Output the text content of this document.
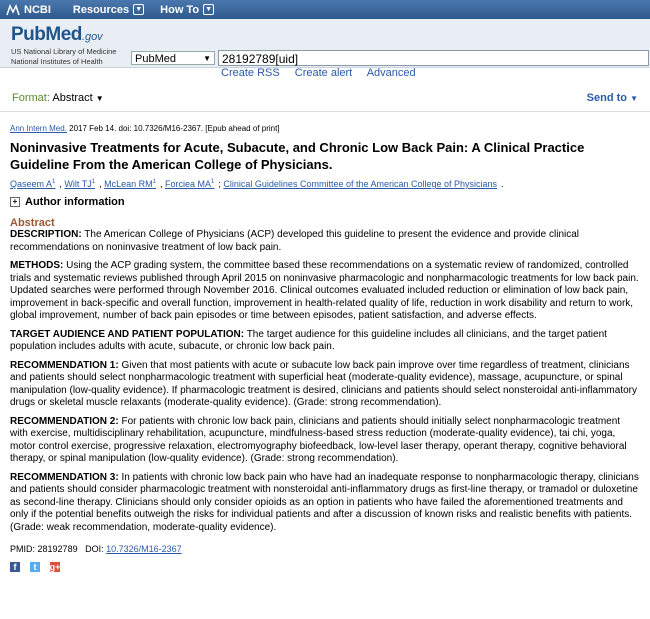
NCBI Resources ▼ How To ▼
PubMed.gov
US National Library of Medicine
National Institutes of Health	PubMed	▼ 28192789[uid]
Create RSS Create alert Advanced
Format: Abstract ▼	Send to ▼
Ann Intern Med. 2017 Feb 14. doi: 10.7326/M16-2367. [Epub ahead of print]
Noninvasive Treatments for Acute, Subacute, and Chronic Low Back Pain: A Clinical Practice Guideline From the American College of Physicians.
Qaseem $A^1$ , Wilt $TJ^1$ , McLean $RM^1$ , Forciea $MA^1$ ; Clinical Guidelines Committee of the American College of Physicians .
+ Author information
Abstract

DESCRIPTION: The American College of Physicians (ACP) developed this guideline to present the evidence and provide clinical recommendations on noninvasive treatment of low back pain.

METHODS: Using the ACP grading system, the committee based these recommendations on a systematic review of randomized, controlled trials and systematic reviews published through April 2015 on noninvasive pharmacologic and nonpharmacologic treatments for low back pain. Updated searches were performed through November 2016. Clinical outcomes evaluated included reduction or elimination of low back pain, improvement in back-specific and overall function, improvement in health-related quality of life, reduction in work disability and return to work, global improvement, number of back pain episodes or time between episodes, patient satisfaction, and adverse effects.

TARGET AUDIENCE AND PATIENT POPULATION: The target audience for this guideline includes all clinicians, and the target patient population includes adults with acute, subacute, or chronic low back pain.

RECOMMENDATION 1: Given that most patients with acute or subacute low back pain improve over time regardless of treatment, clinicians and patients should select nonpharmacologic treatment with superficial heat (moderate-quality evidence), massage, acupuncture, or spinal manipulation (low-quality evidence). If pharmacologic treatment is desired, clinicians and patients should select nonsteroidal anti-inflammatory drugs or skeletal muscle relaxants (moderate-quality evidence). (Grade: strong recommendation).

RECOMMENDATION 2: For patients with chronic low back pain, clinicians and patients should initially select nonpharmacologic treatment with exercise, multidisciplinary rehabilitation, acupuncture, mindfulness-based stress reduction (moderate-quality evidence), tai chi, yoga, motor control exercise, progressive relaxation, electromyography biofeedback, low-level laser therapy, operant therapy, cognitive behavioral therapy, or spinal manipulation (low-quality evidence). (Grade: strong recommendation).

RECOMMENDATION 3: In patients with chronic low back pain who have had an inadequate response to nonpharmacologic therapy, clinicians and patients should consider pharmacologic treatment with nonsteroidal anti-inflammatory drugs as first-line therapy, or tramadol or duloxetine as second-line therapy. Clinicians should only consider opioids as an option in patients who have failed the aforementioned treatments and only if the potential benefits outweigh the risks for individual patients and after a discussion of known risks and realistic benefits with patients. (Grade: weak recommendation, moderate-quality evidence).

PMID: 28192789 DOI: 10.7326/M16-2367
f	t	g+
